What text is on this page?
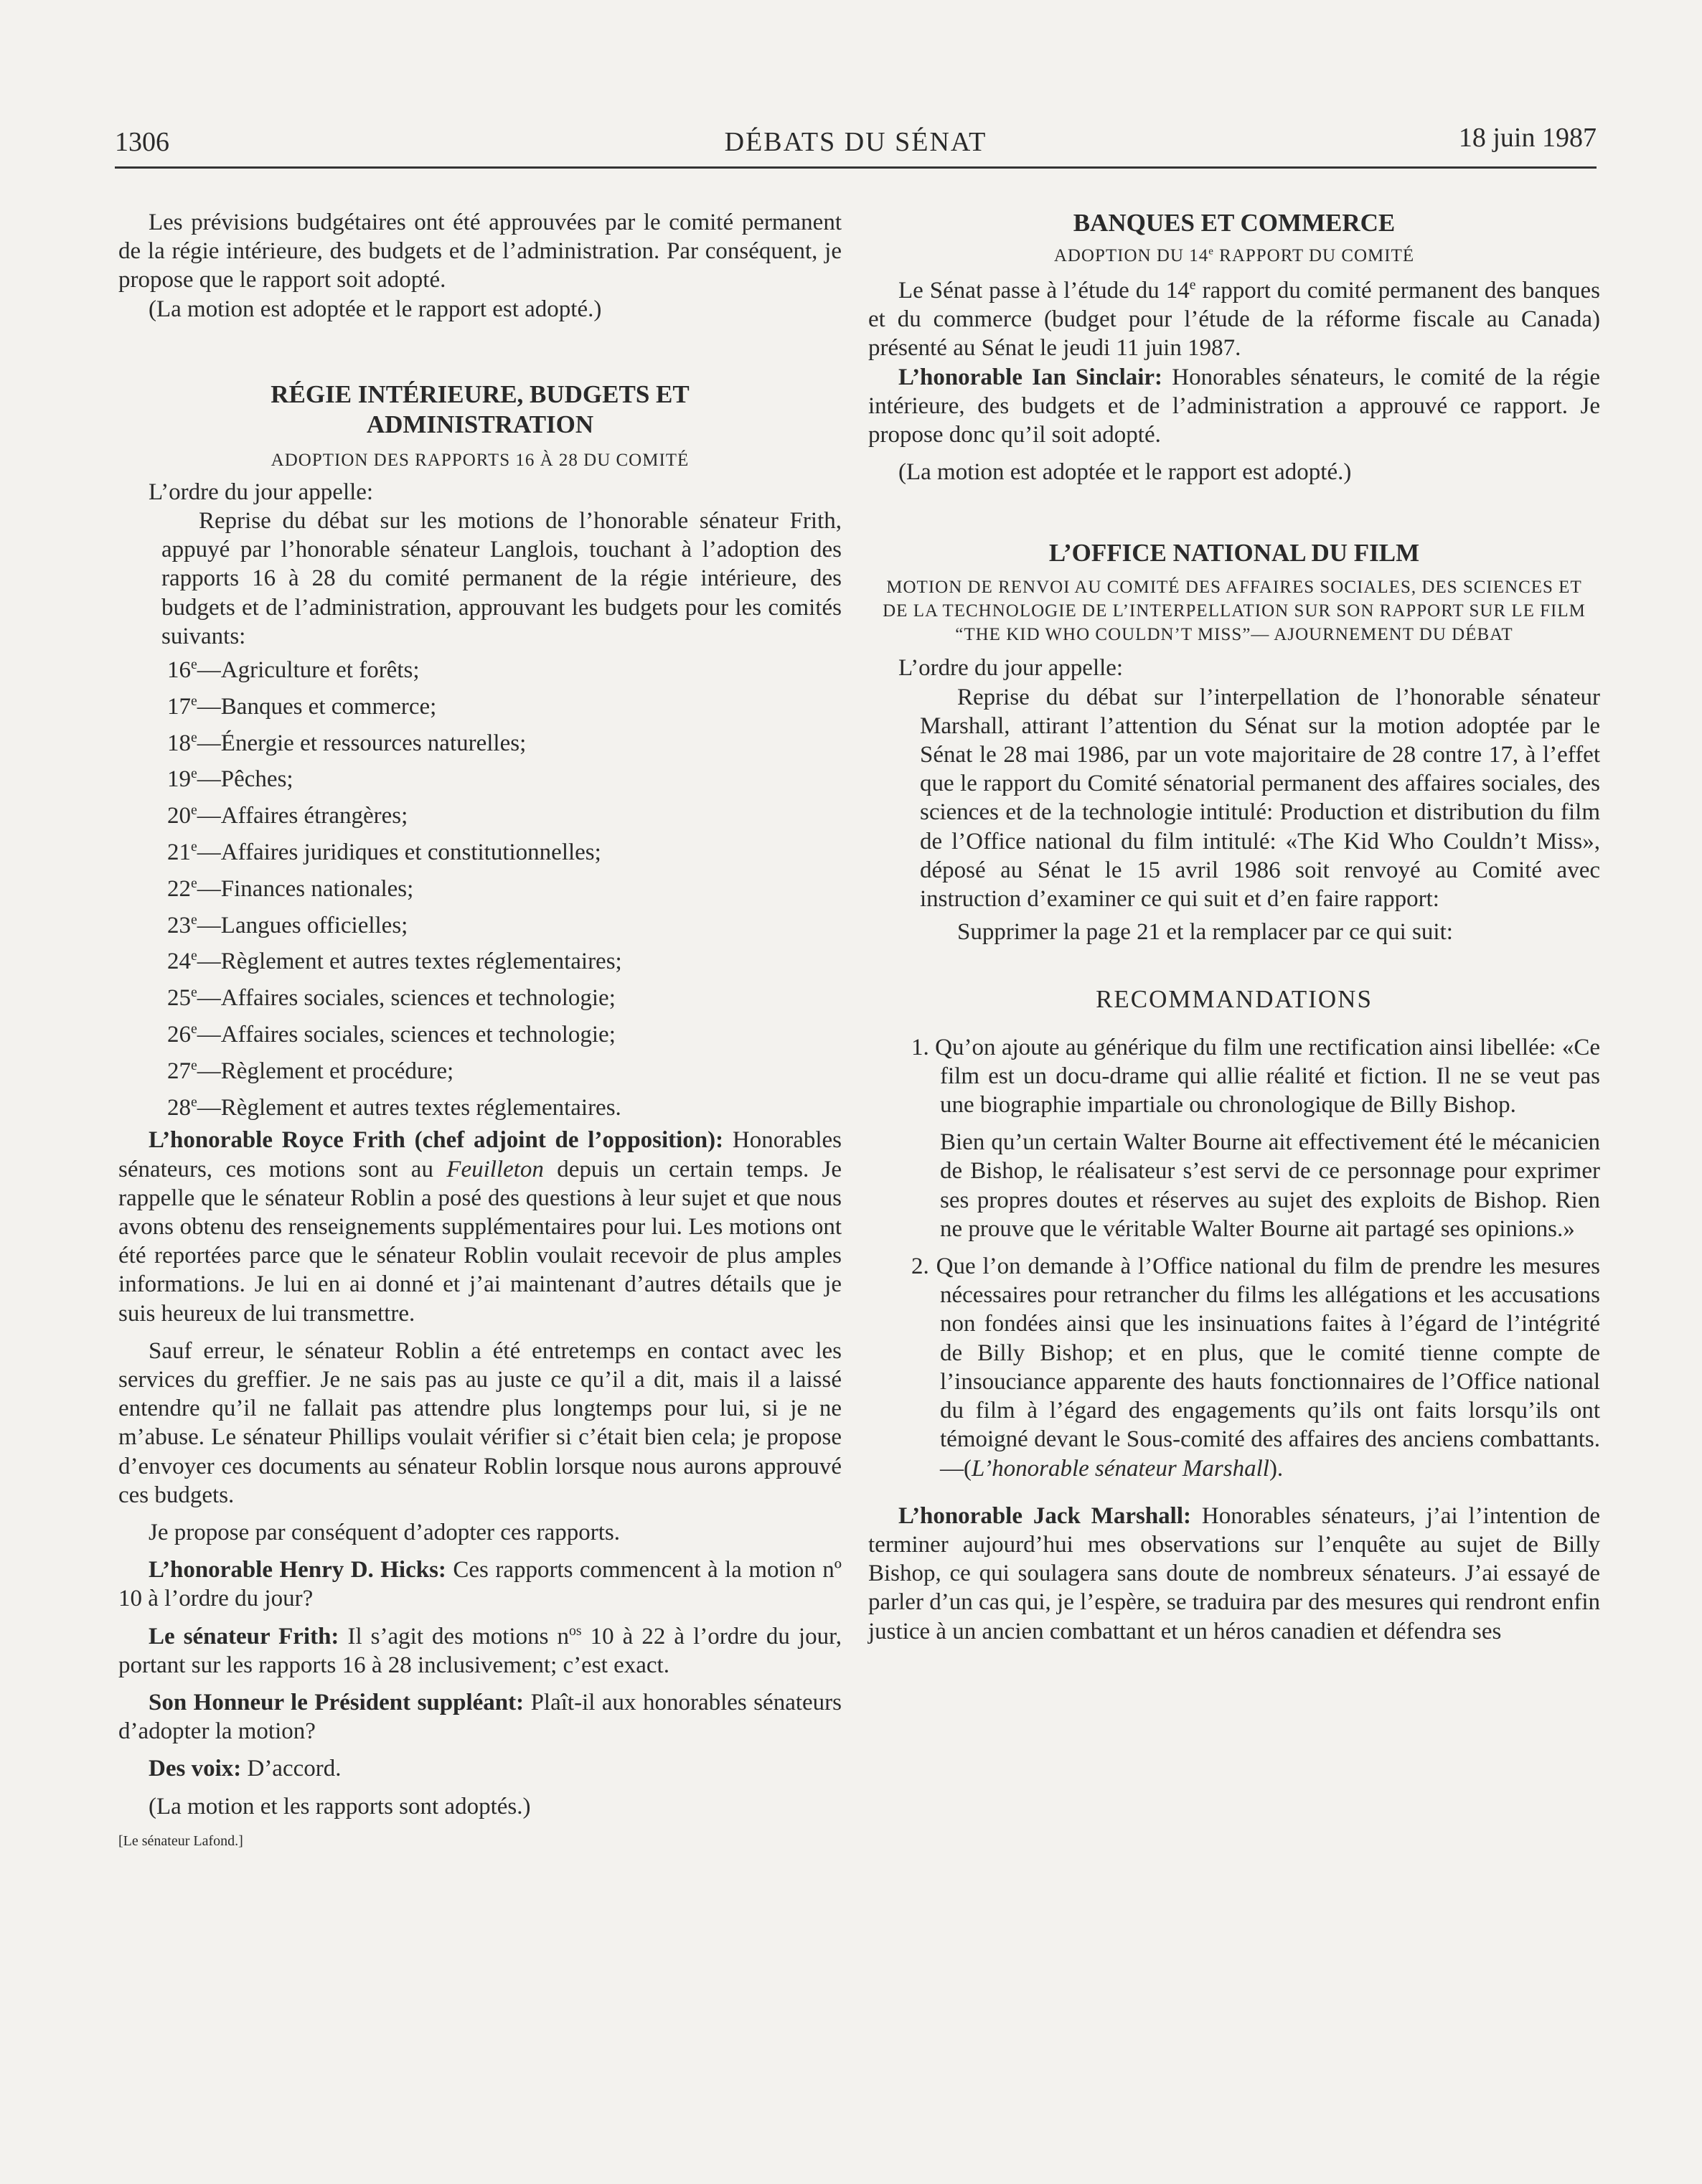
1306	DÉBATS DU SÉNAT	18 juin 1987

Les prévisions budgétaires ont été approuvées par le comité permanent de la régie intérieure, des budgets et de l’administration. Par conséquent, je propose que le rapport soit adopté.

(La motion est adoptée et le rapport est adopté.)

RÉGIE INTÉRIEURE, BUDGETS ET ADMINISTRATION

ADOPTION DES RAPPORTS 16 À 28 DU COMITÉ

L’ordre du jour appelle:

Reprise du débat sur les motions de l’honorable sénateur Frith, appuyé par l’honorable sénateur Langlois, touchant à l’adoption des rapports 16 à 28 du comité permanent de la régie intérieure, des budgets et de l’administration, approuvant les budgets pour les comités suivants:

16e—Agriculture et forêts;

17e—Banques et commerce;

18e—Énergie et ressources naturelles;

19e—Pêches;

20e—Affaires étrangères;

21e—Affaires juridiques et constitutionnelles;

22e—Finances nationales;

23e—Langues officielles;

24e—Règlement et autres textes réglementaires;

25e—Affaires sociales, sciences et technologie;

26e—Affaires sociales, sciences et technologie;

27e—Règlement et procédure;

28e—Règlement et autres textes réglementaires.

L’honorable Royce Frith (chef adjoint de l’opposition): Honorables sénateurs, ces motions sont au Feuilleton depuis un certain temps. Je rappelle que le sénateur Roblin a posé des questions à leur sujet et que nous avons obtenu des renseignements supplémentaires pour lui. Les motions ont été reportées parce que le sénateur Roblin voulait recevoir de plus amples informations. Je lui en ai donné et j’ai maintenant d’autres détails que je suis heureux de lui transmettre.

Sauf erreur, le sénateur Roblin a été entretemps en contact avec les services du greffier. Je ne sais pas au juste ce qu’il a dit, mais il a laissé entendre qu’il ne fallait pas attendre plus longtemps pour lui, si je ne m’abuse. Le sénateur Phillips voulait vérifier si c’était bien cela; je propose d’envoyer ces documents au sénateur Roblin lorsque nous aurons approuvé ces budgets.

Je propose par conséquent d’adopter ces rapports.

L’honorable Henry D. Hicks: Ces rapports commencent à la motion nº 10 à l’ordre du jour?

Le sénateur Frith: Il s’agit des motions $n^{os}$ 10 à 22 à l’ordre du jour, portant sur les rapports 16 à 28 inclusivement; c’est exact.

Son Honneur le Président suppléant: Plaît-il aux honorables sénateurs d’adopter la motion?

Des voix: D’accord.

(La motion et les rapports sont adoptés.)

[Le sénateur Lafond.]

BANQUES ET COMMERCE

ADOPTION DU 14e RAPPORT DU COMITÉ

Le Sénat passe à l’étude du 14e rapport du comité permanent des banques et du commerce (budget pour l’étude de la réforme fiscale au Canada) présenté au Sénat le jeudi 11 juin 1987.

L’honorable Ian Sinclair: Honorables sénateurs, le comité de la régie intérieure, des budgets et de l’administration a approuvé ce rapport. Je propose donc qu’il soit adopté.

(La motion est adoptée et le rapport est adopté.)

L’OFFICE NATIONAL DU FILM

MOTION DE RENVOI AU COMITÉ DES AFFAIRES SOCIALES, DES SCIENCES ET DE LA TECHNOLOGIE DE L’INTERPELLATION SUR SON RAPPORT SUR LE FILM “THE KID WHO COULDN’T MISS”— AJOURNEMENT DU DÉBAT

L’ordre du jour appelle:

Reprise du débat sur l’interpellation de l’honorable sénateur Marshall, attirant l’attention du Sénat sur la motion adoptée par le Sénat le 28 mai 1986, par un vote majoritaire de 28 contre 17, à l’effet que le rapport du Comité sénatorial permanent des affaires sociales, des sciences et de la technologie intitulé: Production et distribution du film de l’Office national du film intitulé: «The Kid Who Couldn’t Miss», déposé au Sénat le 15 avril 1986 soit renvoyé au Comité avec instruction d’examiner ce qui suit et d’en faire rapport:

Supprimer la page 21 et la remplacer par ce qui suit:

RECOMMANDATIONS

1. Qu’on ajoute au générique du film une rectification ainsi libellée: «Ce film est un docu-drame qui allie réalité et fiction. Il ne se veut pas une biographie impartiale ou chronologique de Billy Bishop.

Bien qu’un certain Walter Bourne ait effectivement été le mécanicien de Bishop, le réalisateur s’est servi de ce personnage pour exprimer ses propres doutes et réserves au sujet des exploits de Bishop. Rien ne prouve que le véritable Walter Bourne ait partagé ses opinions.»

2. Que l’on demande à l’Office national du film de prendre les mesures nécessaires pour retrancher du films les allégations et les accusations non fondées ainsi que les insinuations faites à l’égard de l’intégrité de Billy Bishop; et en plus, que le comité tienne compte de l’insouciance apparente des hauts fonctionnaires de l’Office national du film à l’égard des engagements qu’ils ont faits lorsqu’ils ont témoigné devant le Sous-comité des affaires des anciens combattants.—(L’honorable sénateur Marshall).

L’honorable Jack Marshall: Honorables sénateurs, j’ai l’intention de terminer aujourd’hui mes observations sur l’enquête au sujet de Billy Bishop, ce qui soulagera sans doute de nombreux sénateurs. J’ai essayé de parler d’un cas qui, je l’espère, se traduira par des mesures qui rendront enfin justice à un ancien combattant et un héros canadien et défendra ses
